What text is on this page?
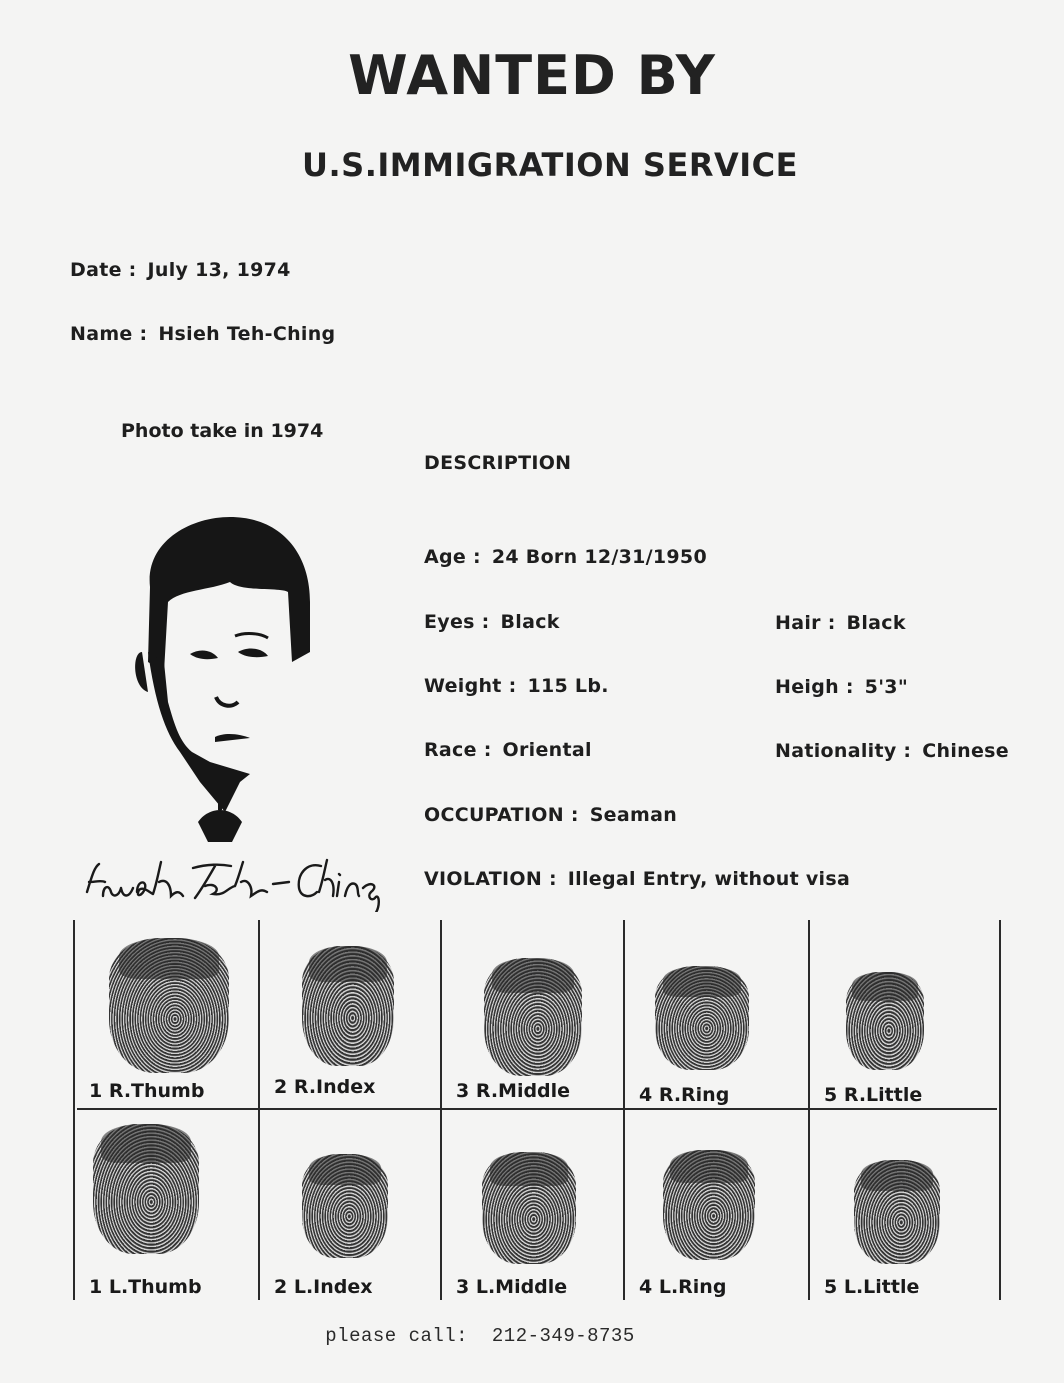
WANTED BY
U.S.IMMIGRATION SERVICE
Date : July 13, 1974
Name : Hsieh Teh-Ching
Photo take in 1974
DESCRIPTION
Age : 24 Born 12/31/1950
Eyes : Black	Hair : Black
Weight : 115 Lb.	Heigh : 5'3"
Race : Oriental	Nationality : Chinese
OCCUPATION : Seaman
VIOLATION : Illegal Entry, without visa
1 R.Thumb	2 R.Index	3 R.Middle	4 R.Ring	5 R.Little
1 L.Thumb	2 L.Index	3 L.Middle	4 L.Ring	5 L.Little
please call: 212-349-8735
